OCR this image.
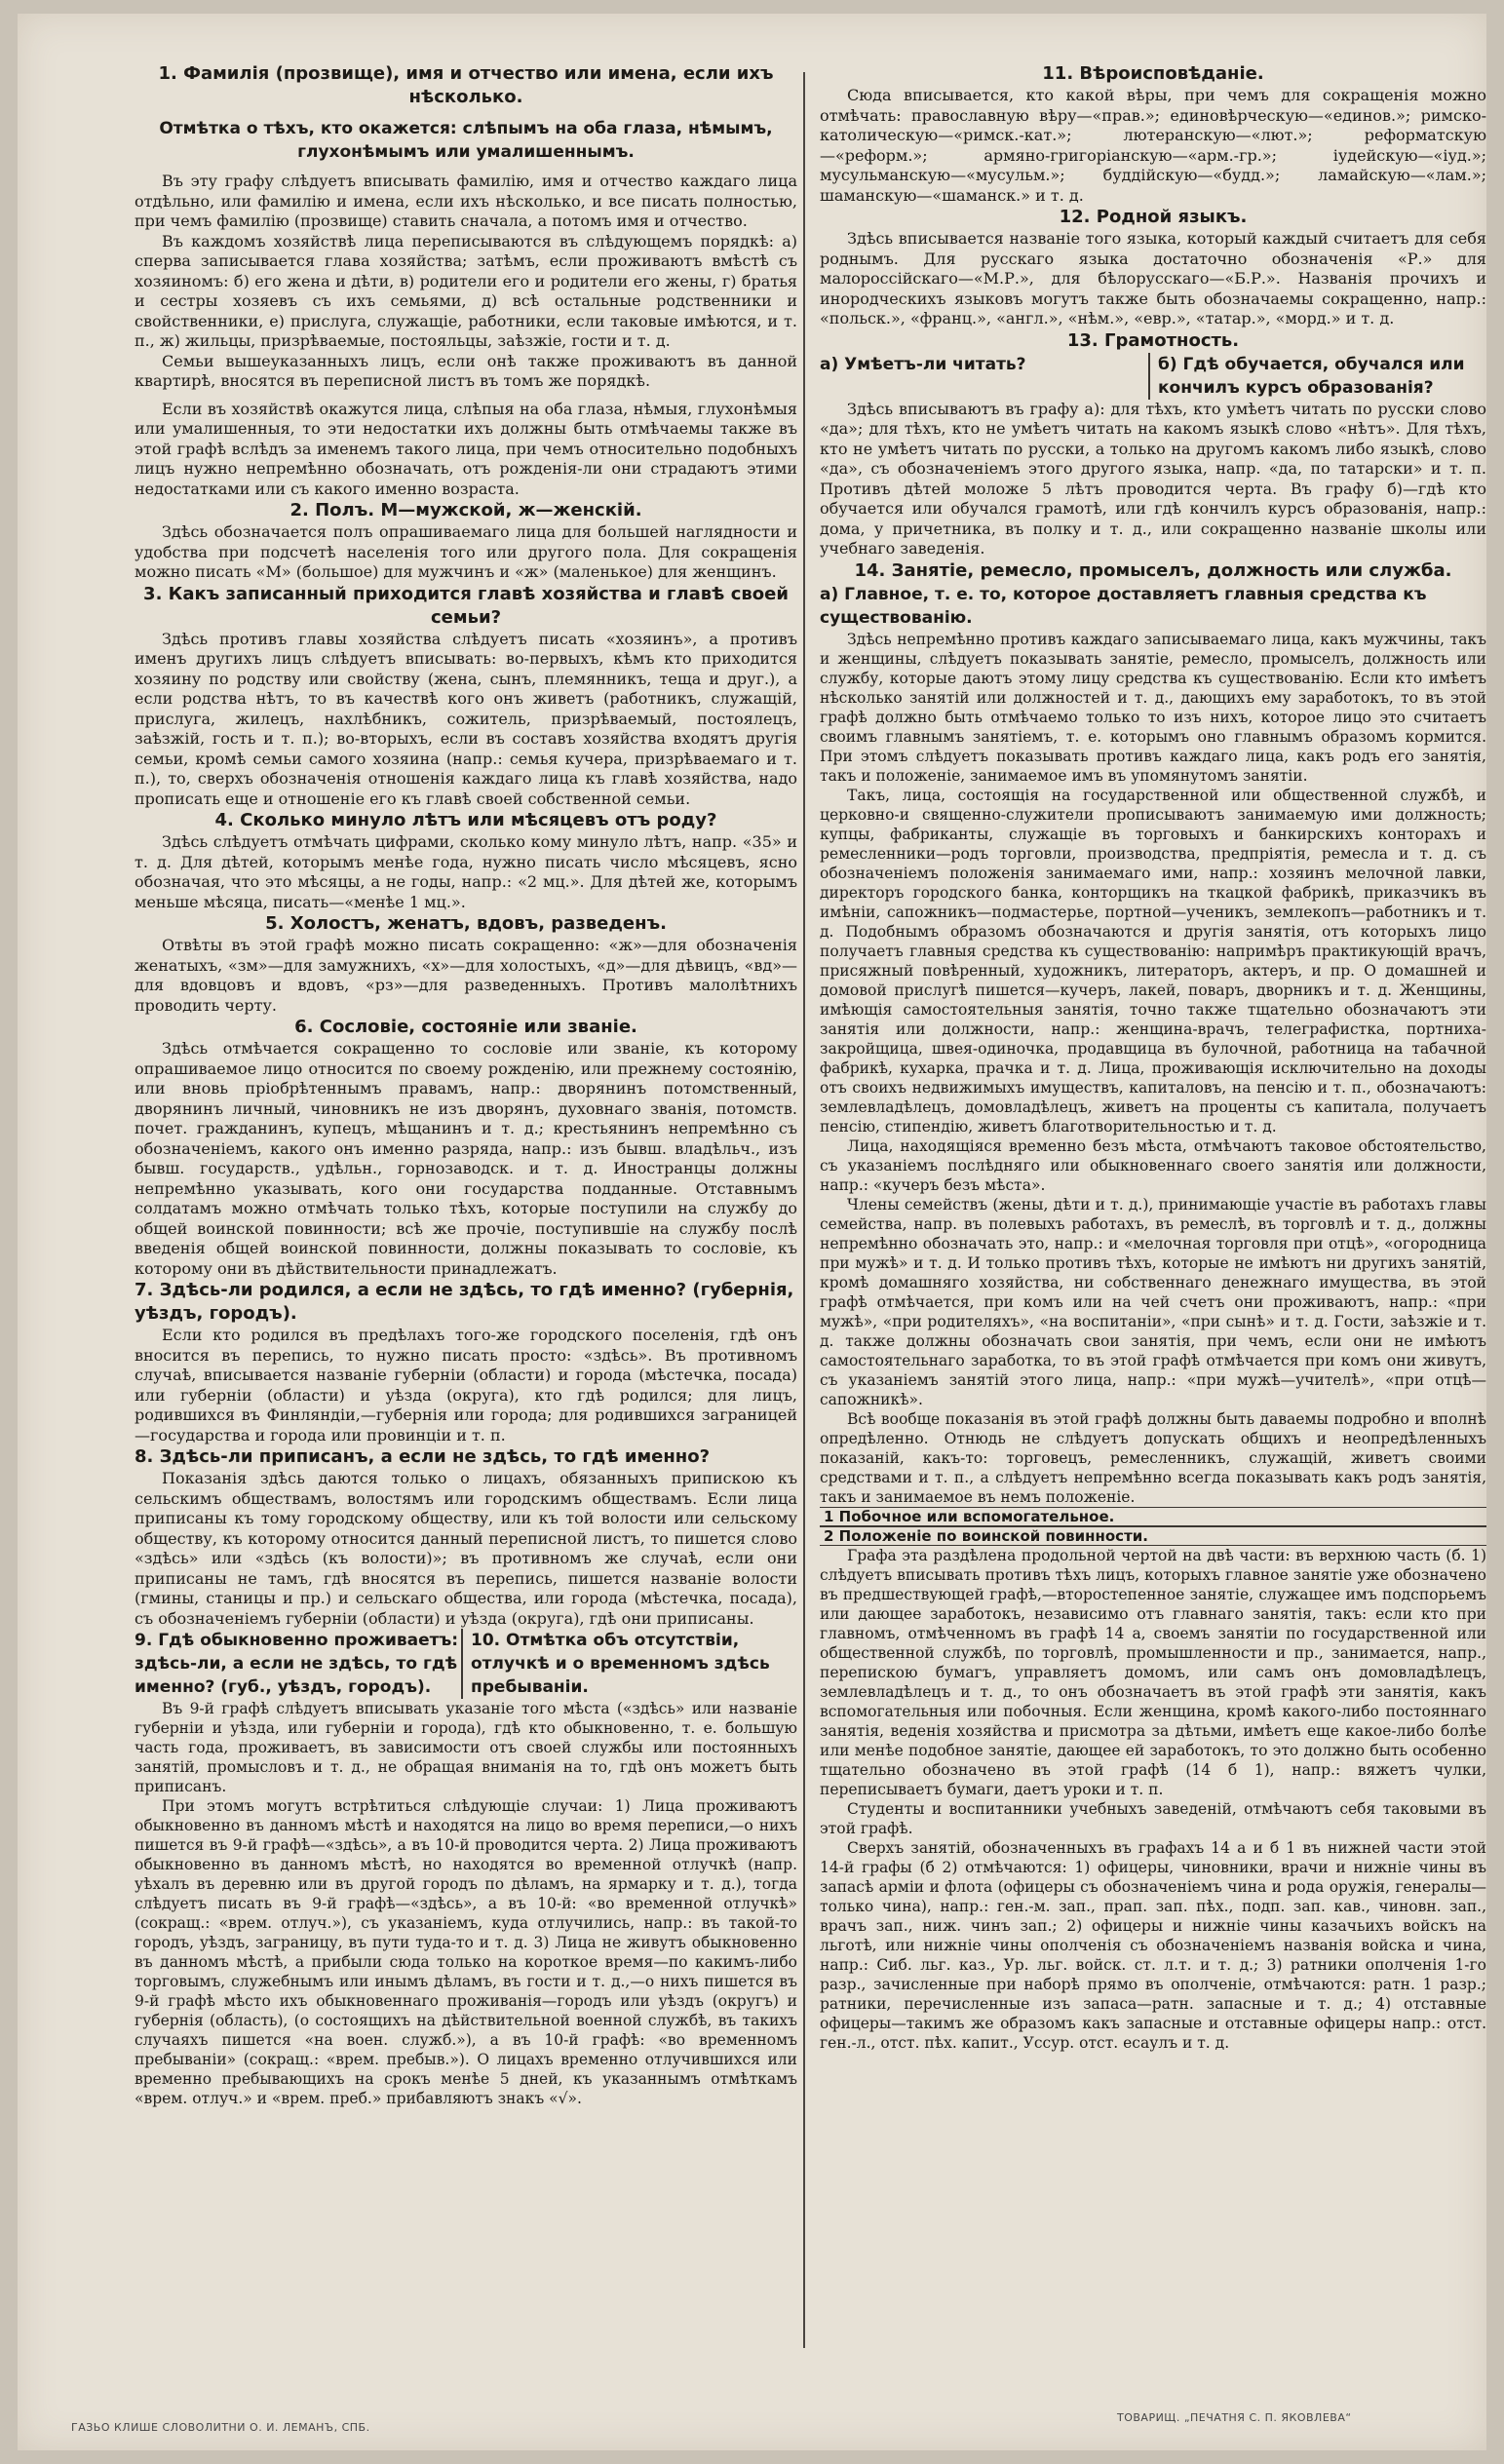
1. Фамилія (прозвище), имя и отчество или имена, если ихъ нѣсколько.
Отмѣтка о тѣхъ, кто окажется: слѣпымъ на оба глаза, нѣмымъ, глухонѣмымъ или умалишеннымъ.

Въ эту графу слѣдуетъ вписывать фамилію, имя и отчество каждаго лица отдѣльно, или фамилію и имена, если ихъ нѣсколько, и все писать полностью, при чемъ фамилію (прозвище) ставить сначала, а потомъ имя и отчество.

Въ каждомъ хозяйствѣ лица переписываются въ слѣдующемъ порядкѣ: а) сперва записывается глава хозяйства; затѣмъ, если проживаютъ вмѣстѣ съ хозяиномъ: б) его жена и дѣти, в) родители его и родители его жены, г) братья и сестры хозяевъ съ ихъ семьями, д) всѣ остальные родственники и свойственники, е) прислуга, служащіе, работники, если таковые имѣются, и т. п., ж) жильцы, призрѣваемые, постояльцы, заѣзжіе, гости и т. д.

Семьи вышеуказанныхъ лицъ, если онѣ также проживаютъ въ данной квартирѣ, вносятся въ переписной листъ въ томъ же порядкѣ.

Если въ хозяйствѣ окажутся лица, слѣпыя на оба глаза, нѣмыя, глухонѣмыя или умалишенныя, то эти недостатки ихъ должны быть отмѣчаемы также въ этой графѣ вслѣдъ за именемъ такого лица, при чемъ относительно подобныхъ лицъ нужно непремѣнно обозначать, отъ рожденія-ли они страдаютъ этими недостатками или съ какого именно возраста.

2. Полъ. М—мужской, ж—женскій.

Здѣсь обозначается полъ опрашиваемаго лица для большей наглядности и удобства при подсчетѣ населенія того или другого пола. Для сокращенія можно писать «М» (большое) для мужчинъ и «ж» (маленькое) для женщинъ.

3. Какъ записанный приходится главѣ хозяйства и главѣ своей семьи?

Здѣсь противъ главы хозяйства слѣдуетъ писать «хозяинъ», а противъ именъ другихъ лицъ слѣдуетъ вписывать: во-первыхъ, кѣмъ кто приходится хозяину по родству или свойству (жена, сынъ, племянникъ, теща и друг.), а если родства нѣтъ, то въ качествѣ кого онъ живетъ (работникъ, служащій, прислуга, жилецъ, нахлѣбникъ, сожитель, призрѣваемый, постоялецъ, заѣзжій, гость и т. п.); во-вторыхъ, если въ составъ хозяйства входятъ другія семьи, кромѣ семьи самого хозяина (напр.: семья кучера, призрѣваемаго и т. п.), то, сверхъ обозначенія отношенія каждаго лица къ главѣ хозяйства, надо прописать еще и отношеніе его къ главѣ своей собственной семьи.

4. Сколько минуло лѣтъ или мѣсяцевъ отъ роду?

Здѣсь слѣдуетъ отмѣчать цифрами, сколько кому минуло лѣтъ, напр. «35» и т. д. Для дѣтей, которымъ менѣе года, нужно писать число мѣсяцевъ, ясно обозначая, что это мѣсяцы, а не годы, напр.: «2 мц.». Для дѣтей же, которымъ меньше мѣсяца, писать—«менѣе 1 мц.».

5. Холостъ, женатъ, вдовъ, разведенъ.

Отвѣты въ этой графѣ можно писать сокращенно: «ж»—для обозначенія женатыхъ, «зм»—для замужнихъ, «х»—для холостыхъ, «д»—для дѣвицъ, «вд»—для вдовцовъ и вдовъ, «рз»—для разведенныхъ. Противъ малолѣтнихъ проводить черту.

6. Сословіе, состояніе или званіе.

Здѣсь отмѣчается сокращенно то сословіе или званіе, къ которому опрашиваемое лицо относится по своему рожденію, или прежнему состоянію, или вновь пріобрѣтеннымъ правамъ, напр.: дворянинъ потомственный, дворянинъ личный, чиновникъ не изъ дворянъ, духовнаго званія, потомств. почет. гражданинъ, купецъ, мѣщанинъ и т. д.; крестьянинъ непремѣнно съ обозначеніемъ, какого онъ именно разряда, напр.: изъ бывш. владѣльч., изъ бывш. государств., удѣльн., горнозаводск. и т. д. Иностранцы должны непремѣнно указывать, кого они государства подданные. Отставнымъ солдатамъ можно отмѣчать только тѣхъ, которые поступили на службу до общей воинской повинности; всѣ же прочіе, поступившіе на службу послѣ введенія общей воинской повинности, должны показывать то сословіе, къ которому они въ дѣйствительности принадлежатъ.

7. Здѣсь-ли родился, а если не здѣсь, то гдѣ именно? (губернія, уѣздъ, городъ).

Если кто родился въ предѣлахъ того-же городского поселенія, гдѣ онъ вносится въ перепись, то нужно писать просто: «здѣсь». Въ противномъ случаѣ, вписывается названіе губерніи (области) и города (мѣстечка, посада) или губерніи (области) и уѣзда (округа), кто гдѣ родился; для лицъ, родившихся въ Финляндіи,—губернія или города; для родившихся заграницей—государства и города или провинціи и т. п.

8. Здѣсь-ли приписанъ, а если не здѣсь, то гдѣ именно?

Показанія здѣсь даются только о лицахъ, обязанныхъ припискою къ сельскимъ обществамъ, волостямъ или городскимъ обществамъ. Если лица приписаны къ тому городскому обществу, или къ той волости или сельскому обществу, къ которому относится данный переписной листъ, то пишется слово «здѣсь» или «здѣсь (къ волости)»; въ противномъ же случаѣ, если они приписаны не тамъ, гдѣ вносятся въ перепись, пишется названіе волости (гмины, станицы и пр.) и сельскаго общества, или города (мѣстечка, посада), съ обозначеніемъ губерніи (области) и уѣзда (округа), гдѣ они приписаны.

9. Гдѣ обыкновенно проживаетъ: здѣсь-ли, а если не здѣсь, то гдѣ именно? (губ., уѣздъ, городъ).
10. Отмѣтка объ отсутствіи, отлучкѣ и о временномъ здѣсь пребываніи.

Въ 9-й графѣ слѣдуетъ вписывать указаніе того мѣста («здѣсь» или названіе губерніи и уѣзда, или губерніи и города), гдѣ кто обыкновенно, т. е. большую часть года, проживаетъ, въ зависимости отъ своей службы или постоянныхъ занятій, промысловъ и т. д., не обращая вниманія на то, гдѣ онъ можетъ быть приписанъ.

При этомъ могутъ встрѣтиться слѣдующіе случаи: 1) Лица проживаютъ обыкновенно въ данномъ мѣстѣ и находятся на лицо во время переписи,—о нихъ пишется въ 9-й графѣ—«здѣсь», а въ 10-й проводится черта. 2) Лица проживаютъ обыкновенно въ данномъ мѣстѣ, но находятся во временной отлучкѣ (напр. уѣхалъ въ деревню или въ другой городъ по дѣламъ, на ярмарку и т. д.), тогда слѣдуетъ писать въ 9-й графѣ—«здѣсь», а въ 10-й: «во временной отлучкѣ» (сокращ.: «врем. отлуч.»), съ указаніемъ, куда отлучились, напр.: въ такой-то городъ, уѣздъ, заграницу, въ пути туда-то и т. д. 3) Лица не живутъ обыкновенно въ данномъ мѣстѣ, а прибыли сюда только на короткое время—по какимъ-либо торговымъ, служебнымъ или инымъ дѣламъ, въ гости и т. д.,—о нихъ пишется въ 9-й графѣ мѣсто ихъ обыкновеннаго проживанія—городъ или уѣздъ (округъ) и губернія (область), (о состоящихъ на дѣйствительной военной службѣ, въ такихъ случаяхъ пишется «на воен. служб.»), а въ 10-й графѣ: «во временномъ пребываніи» (сокращ.: «врем. пребыв.»). О лицахъ временно отлучившихся или временно пребывающихъ на срокъ менѣе 5 дней, къ указаннымъ отмѣткамъ «врем. отлуч.» и «врем. преб.» прибавляютъ знакъ «√».

11. Вѣроисповѣданіе.

Сюда вписывается, кто какой вѣры, при чемъ для сокращенія можно отмѣчать: православную вѣру—«прав.»; единовѣрческую—«единов.»; римско-католическую—«римск.-кат.»; лютеранскую—«лют.»; реформатскую—«реформ.»; армяно-григоріанскую—«арм.-гр.»; іудейскую—«іуд.»; мусульманскую—«мусульм.»; буддійскую—«будд.»; ламайскую—«лам.»; шаманскую—«шаманск.» и т. д.

12. Родной языкъ.

Здѣсь вписывается названіе того языка, который каждый считаетъ для себя роднымъ. Для русскаго языка достаточно обозначенія «Р.» для малороссійскаго—«М.Р.», для бѣлорусскаго—«Б.Р.». Названія прочихъ и инородческихъ языковъ могутъ также быть обозначаемы сокращенно, напр.: «польск.», «франц.», «англ.», «нѣм.», «евр.», «татар.», «морд.» и т. д.

13. Грамотность.
а) Умѣетъ-ли читать?	б) Гдѣ обучается, обучался или кончилъ курсъ образованія?

Здѣсь вписываютъ въ графу а): для тѣхъ, кто умѣетъ читать по русски слово «да»; для тѣхъ, кто не умѣетъ читать на какомъ языкѣ слово «нѣтъ». Для тѣхъ, кто не умѣетъ читать по русски, а только на другомъ какомъ либо языкѣ, слово «да», съ обозначеніемъ этого другого языка, напр. «да, по татарски» и т. п. Противъ дѣтей моложе 5 лѣтъ проводится черта. Въ графу б)—гдѣ кто обучается или обучался грамотѣ, или гдѣ кончилъ курсъ образованія, напр.: дома, у причетника, въ полку и т. д., или сокращенно названіе школы или учебнаго заведенія.

14. Занятіе, ремесло, промыселъ, должность или служба.
а) Главное, т. е. то, которое доставляетъ главныя средства къ существованію.

Здѣсь непремѣнно противъ каждаго записываемаго лица, какъ мужчины, такъ и женщины, слѣдуетъ показывать занятіе, ремесло, промыселъ, должность или службу, которые даютъ этому лицу средства къ существованію. Если кто имѣетъ нѣсколько занятій или должностей и т. д., дающихъ ему заработокъ, то въ этой графѣ должно быть отмѣчаемо только то изъ нихъ, которое лицо это считаетъ своимъ главнымъ занятіемъ, т. е. которымъ оно главнымъ образомъ кормится. При этомъ слѣдуетъ показывать противъ каждаго лица, какъ родъ его занятія, такъ и положеніе, занимаемое имъ въ упомянутомъ занятіи.

Такъ, лица, состоящія на государственной или общественной службѣ, и церковно-и священно-служители прописываютъ занимаемую ими должность; купцы, фабриканты, служащіе въ торговыхъ и банкирскихъ конторахъ и ремесленники—родъ торговли, производства, предпріятія, ремесла и т. д. съ обозначеніемъ положенія занимаемаго ими, напр.: хозяинъ мелочной лавки, директоръ городского банка, конторщикъ на ткацкой фабрикѣ, приказчикъ въ имѣніи, сапожникъ—подмастерье, портной—ученикъ, землекопъ—работникъ и т. д. Подобнымъ образомъ обозначаются и другія занятія, отъ которыхъ лицо получаетъ главныя средства къ существованію: напримѣръ практикующій врачъ, присяжный повѣренный, художникъ, литераторъ, актеръ, и пр. О домашней и домовой прислугѣ пишется—кучеръ, лакей, поваръ, дворникъ и т. д. Женщины, имѣющія самостоятельныя занятія, точно также тщательно обозначаютъ эти занятія или должности, напр.: женщина-врачъ, телеграфистка, портниха-закройщица, швея-одиночка, продавщица въ булочной, работница на табачной фабрикѣ, кухарка, прачка и т. д. Лица, проживающія исключительно на доходы отъ своихъ недвижимыхъ имуществъ, капиталовъ, на пенсію и т. п., обозначаютъ: землевладѣлецъ, домовладѣлецъ, живетъ на проценты съ капитала, получаетъ пенсію, стипендію, живетъ благотворительностью и т. д.

Лица, находящіяся временно безъ мѣста, отмѣчаютъ таковое обстоятельство, съ указаніемъ послѣдняго или обыкновеннаго своего занятія или должности, напр.: «кучеръ безъ мѣста».

Члены семействъ (жены, дѣти и т. д.), принимающіе участіе въ работахъ главы семейства, напр. въ полевыхъ работахъ, въ ремеслѣ, въ торговлѣ и т. д., должны непремѣнно обозначать это, напр.: и «мелочная торговля при отцѣ», «огородница при мужѣ» и т. д. И только противъ тѣхъ, которые не имѣютъ ни другихъ занятій, кромѣ домашняго хозяйства, ни собственнаго денежнаго имущества, въ этой графѣ отмѣчается, при комъ или на чей счетъ они проживаютъ, напр.: «при мужѣ», «при родителяхъ», «на воспитаніи», «при сынѣ» и т. д. Гости, заѣзжіе и т. д. также должны обозначать свои занятія, при чемъ, если они не имѣютъ самостоятельнаго заработка, то въ этой графѣ отмѣчается при комъ они живутъ, съ указаніемъ занятій этого лица, напр.: «при мужѣ—учителѣ», «при отцѣ—сапожникѣ».

Всѣ вообще показанія въ этой графѣ должны быть даваемы подробно и вполнѣ опредѣленно. Отнюдь не слѣдуетъ допускать общихъ и неопредѣленныхъ показаній, какъ-то: торговецъ, ремесленникъ, служащій, живетъ своими средствами и т. п., а слѣдуетъ непремѣнно всегда показывать какъ родъ занятія, такъ и занимаемое въ немъ положеніе.

1 Побочное или вспомогательное.
2 Положеніе по воинской повинности.

Графа эта раздѣлена продольной чертой на двѣ части: въ верхнюю часть (б. 1) слѣдуетъ вписывать противъ тѣхъ лицъ, которыхъ главное занятіе уже обозначено въ предшествующей графѣ,—второстепенное занятіе, служащее имъ подспорьемъ или дающее заработокъ, независимо отъ главнаго занятія, такъ: если кто при главномъ, отмѣченномъ въ графѣ 14 а, своемъ занятіи по государственной или общественной службѣ, по торговлѣ, промышленности и пр., занимается, напр., перепискою бумагъ, управляетъ домомъ, или самъ онъ домовладѣлецъ, землевладѣлецъ и т. д., то онъ обозначаетъ въ этой графѣ эти занятія, какъ вспомогательныя или побочныя. Если женщина, кромѣ какого-либо постояннаго занятія, веденія хозяйства и присмотра за дѣтьми, имѣетъ еще какое-либо болѣе или менѣе подобное занятіе, дающее ей заработокъ, то это должно быть особенно тщательно обозначено въ этой графѣ (14 б 1), напр.: вяжетъ чулки, переписываетъ бумаги, даетъ уроки и т. п.

Студенты и воспитанники учебныхъ заведеній, отмѣчаютъ себя таковыми въ этой графѣ.

Сверхъ занятій, обозначенныхъ въ графахъ 14 а и б 1 въ нижней части этой 14-й графы (б 2) отмѣчаются: 1) офицеры, чиновники, врачи и нижніе чины въ запасѣ арміи и флота (офицеры съ обозначеніемъ чина и рода оружія, генералы—только чина), напр.: ген.-м. зап., прап. зап. пѣх., подп. зап. кав., чиновн. зап., врачъ зап., ниж. чинъ зап.; 2) офицеры и нижніе чины казачьихъ войскъ на льготѣ, или нижніе чины ополченія съ обозначеніемъ названія войска и чина, напр.: Сиб. льг. каз., Ур. льг. войск. ст. л.т. и т. д.; 3) ратники ополченія 1-го разр., зачисленные при наборѣ прямо въ ополченіе, отмѣчаются: ратн. 1 разр.; ратники, перечисленные изъ запаса—ратн. запасные и т. д.; 4) отставные офицеры—такимъ же образомъ какъ запасные и отставные офицеры напр.: отст. ген.-л., отст. пѣх. капит., Уссур. отст. есаулъ и т. д.

ГАЗЬО КЛИШЕ СЛОВОЛИТНИ О. И. ЛЕМАНЪ, СПБ.
ТОВАРИЩ. „ПЕЧАТНЯ С. П. ЯКОВЛЕВА“
